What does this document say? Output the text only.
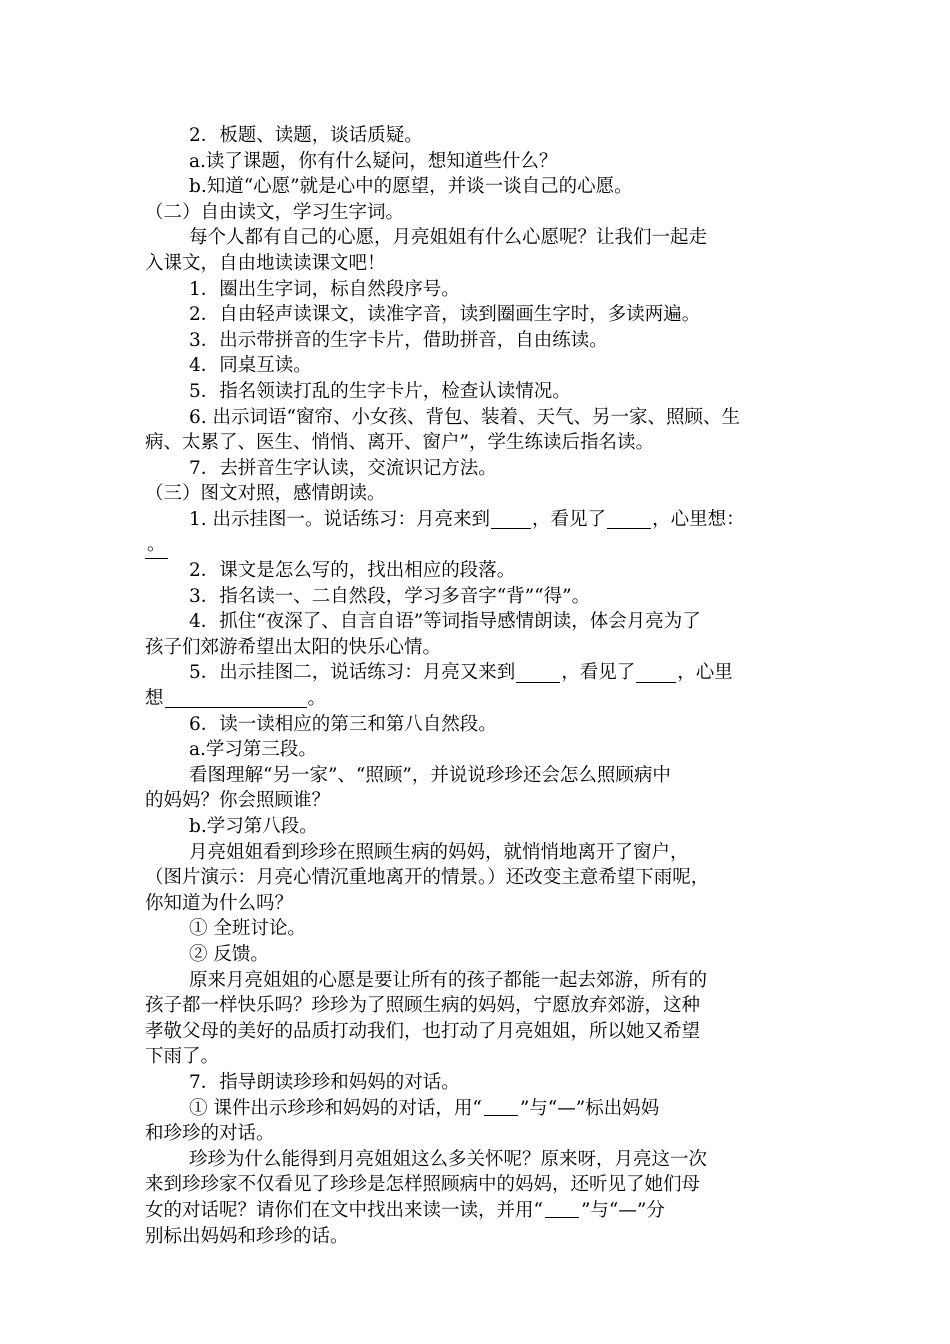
2．板题、读题，谈话质疑。
a.读了课题，你有什么疑问，想知道些什么？
b.知道“心愿”就是心中的愿望，并谈一谈自己的心愿。
（二）自由读文，学习生字词。
每个人都有自己的心愿，月亮姐姐有什么心愿呢？让我们一起走
入课文，自由地读读课文吧！
1．圈出生字词，标自然段序号。
2．自由轻声读课文，读准字音，读到圈画生字时，多读两遍。
3．出示带拼音的生字卡片，借助拼音，自由练读。
4．同桌互读。
5．指名领读打乱的生字卡片，检查认读情况。
6. 出示词语“窗帘、小女孩、背包、装着、天气、另一家、照顾、生
病、太累了、医生、悄悄、离开、窗户”，学生练读后指名读。
7．去拼音生字认读，交流识记方法。
（三）图文对照，感情朗读。
1. 出示挂图一。说话练习：月亮来到 ，看见了 ，心里想：
。
2．课文是怎么写的，找出相应的段落。
3．指名读一、二自然段，学习多音字“背”“得”。
4．抓住“夜深了、自言自语”等词指导感情朗读，体会月亮为了
孩子们郊游希望出太阳的快乐心情。
5．出示挂图二，说话练习：月亮又来到 ，看见了 ，心里
想	。
6．读一读相应的第三和第八自然段。
a.学习第三段。
看图理解“另一家”、“照顾”，并说说珍珍还会怎么照顾病中
的妈妈？你会照顾谁？
b.学习第八段。
月亮姐姐看到珍珍在照顾生病的妈妈，就悄悄地离开了窗户，
（图片演示：月亮心情沉重地离开的情景。）还改变主意希望下雨呢，
你知道为什么吗？
① 全班讨论。
② 反馈。
原来月亮姐姐的心愿是要让所有的孩子都能一起去郊游，所有的
孩子都一样快乐吗？珍珍为了照顾生病的妈妈，宁愿放弃郊游，这种
孝敬父母的美好的品质打动我们，也打动了月亮姐姐，所以她又希望
下雨了。
7．指导朗读珍珍和妈妈的对话。
① 课件出示珍珍和妈妈的对话，用“ ”与“—”标出妈妈
和珍珍的对话。
珍珍为什么能得到月亮姐姐这么多关怀呢？原来呀，月亮这一次
来到珍珍家不仅看见了珍珍是怎样照顾病中的妈妈，还听见了她们母
女的对话呢？请你们在文中找出来读一读，并用“ ”与“—”分
别标出妈妈和珍珍的话。
